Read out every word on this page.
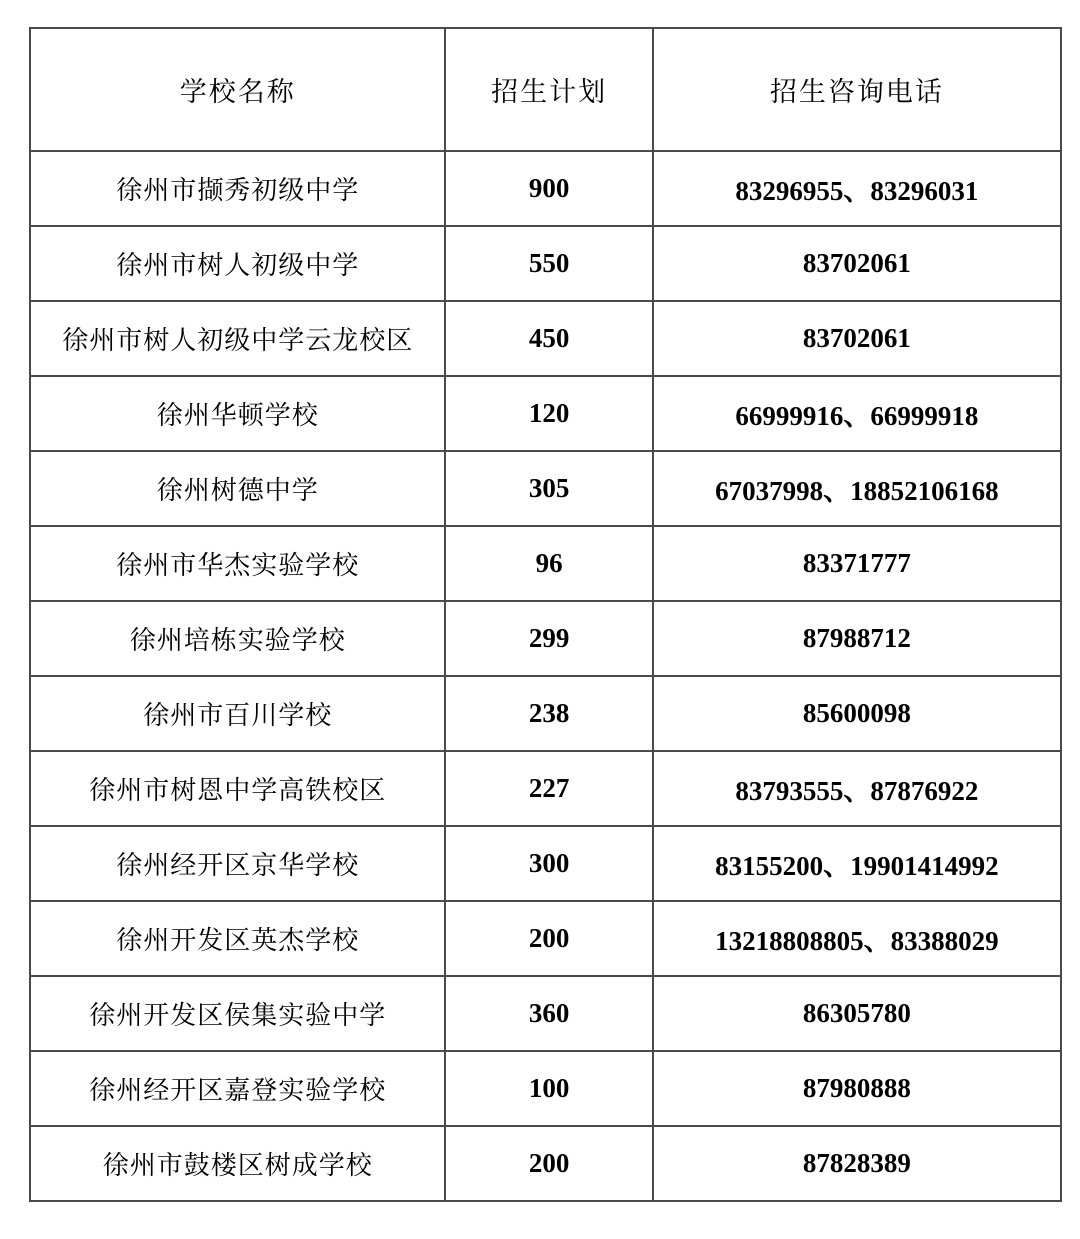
学校名称	招生计划	招生咨询电话
徐州市撷秀初级中学	900	83296955、83296031
徐州市树人初级中学	550	83702061
徐州市树人初级中学云龙校区	450	83702061
徐州华顿学校	120	66999916、66999918
徐州树德中学	305	67037998、18852106168
徐州市华杰实验学校	96	83371777
徐州培栋实验学校	299	87988712
徐州市百川学校	238	85600098
徐州市树恩中学高铁校区	227	83793555、87876922
徐州经开区京华学校	300	83155200、19901414992
徐州开发区英杰学校	200	13218808805、83388029
徐州开发区侯集实验中学	360	86305780
徐州经开区嘉登实验学校	100	87980888
徐州市鼓楼区树成学校	200	87828389
